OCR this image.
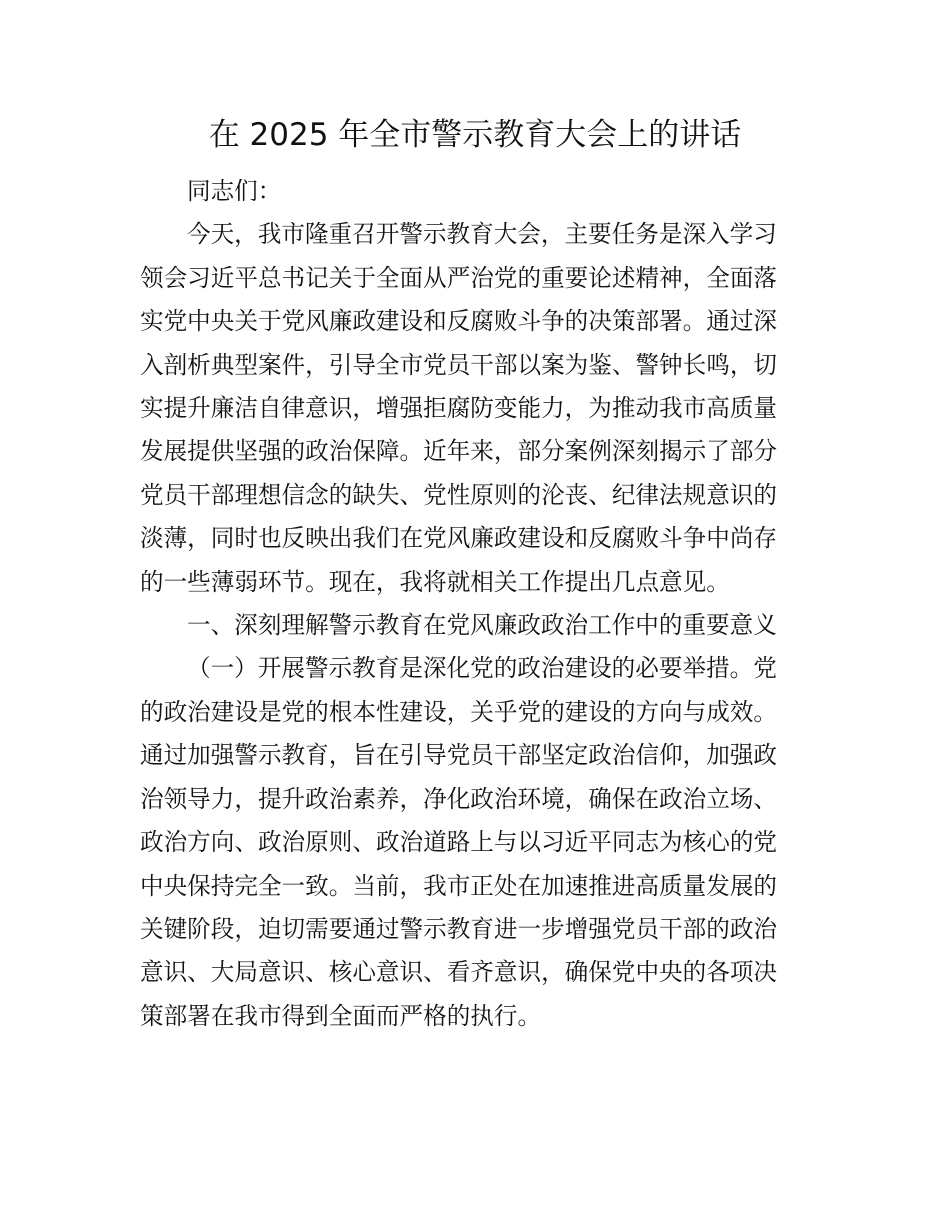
在 2025 年全市警示教育大会上的讲话

同志们：

今天，我市隆重召开警示教育大会，主要任务是深入学习
领会习近平总书记关于全面从严治党的重要论述精神，全面落
实党中央关于党风廉政建设和反腐败斗争的决策部署。通过深
入剖析典型案件，引导全市党员干部以案为鉴、警钟长鸣，切
实提升廉洁自律意识，增强拒腐防变能力，为推动我市高质量
发展提供坚强的政治保障。近年来，部分案例深刻揭示了部分
党员干部理想信念的缺失、党性原则的沦丧、纪律法规意识的
淡薄，同时也反映出我们在党风廉政建设和反腐败斗争中尚存
的一些薄弱环节。现在，我将就相关工作提出几点意见。

一、深刻理解警示教育在党风廉政政治工作中的重要意义

（一）开展警示教育是深化党的政治建设的必要举措。党
的政治建设是党的根本性建设，关乎党的建设的方向与成效。
通过加强警示教育，旨在引导党员干部坚定政治信仰，加强政
治领导力，提升政治素养，净化政治环境，确保在政治立场、
政治方向、政治原则、政治道路上与以习近平同志为核心的党
中央保持完全一致。当前，我市正处在加速推进高质量发展的
关键阶段，迫切需要通过警示教育进一步增强党员干部的政治
意识、大局意识、核心意识、看齐意识，确保党中央的各项决
策部署在我市得到全面而严格的执行。
